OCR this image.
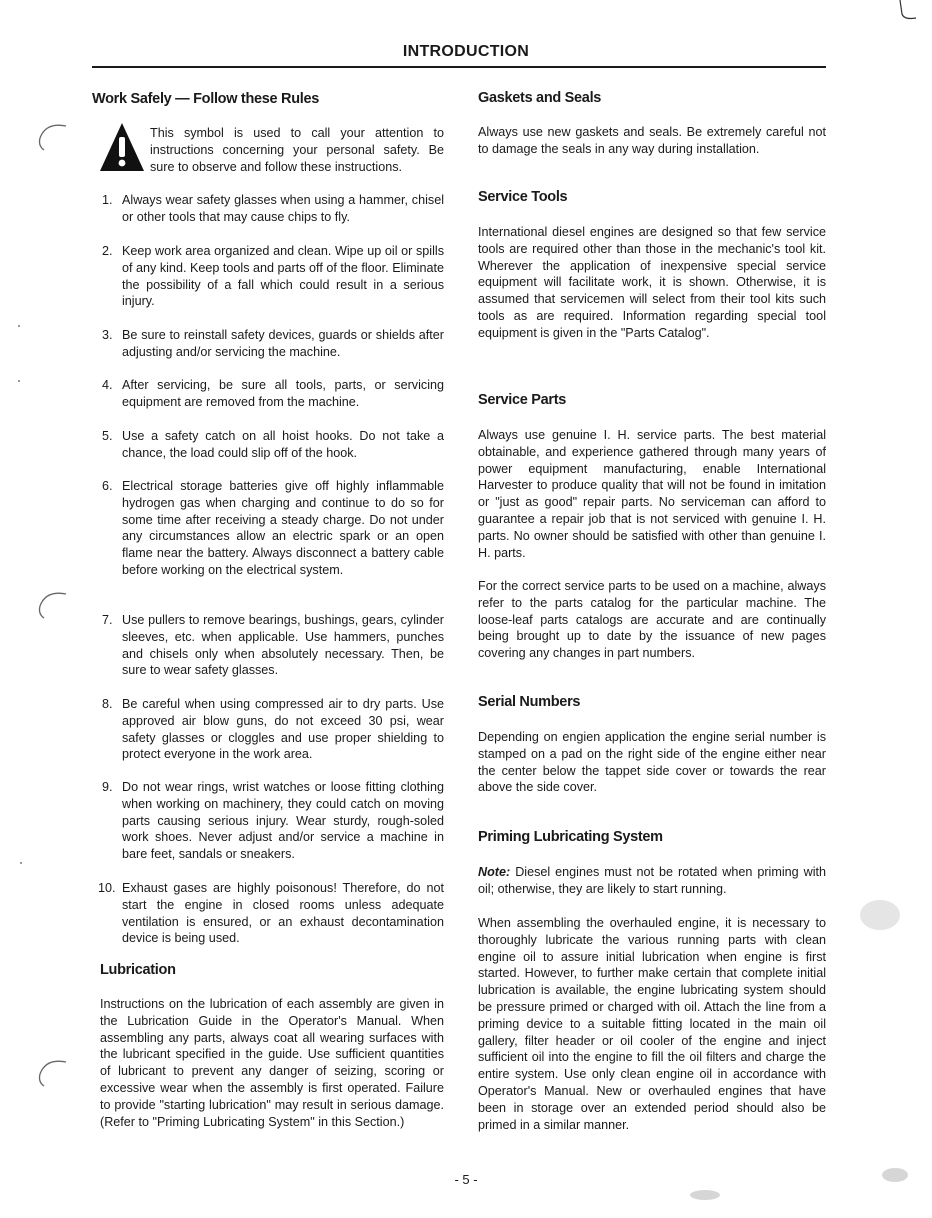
INTRODUCTION
Work Safely — Follow these Rules
This symbol is used to call your attention to instructions concerning your personal safety. Be sure to observe and follow these instructions.
1. Always wear safety glasses when using a hammer, chisel or other tools that may cause chips to fly.
2. Keep work area organized and clean. Wipe up oil or spills of any kind. Keep tools and parts off of the floor. Eliminate the possibility of a fall which could result in a serious injury.
3. Be sure to reinstall safety devices, guards or shields after adjusting and/or servicing the machine.
4. After servicing, be sure all tools, parts, or servicing equipment are removed from the machine.
5. Use a safety catch on all hoist hooks. Do not take a chance, the load could slip off of the hook.
6. Electrical storage batteries give off highly inflammable hydrogen gas when charging and continue to do so for some time after receiving a steady charge. Do not under any circumstances allow an electric spark or an open flame near the battery. Always disconnect a battery cable before working on the electrical system.
7. Use pullers to remove bearings, bushings, gears, cylinder sleeves, etc. when applicable. Use hammers, punches and chisels only when absolutely necessary. Then, be sure to wear safety glasses.
8. Be careful when using compressed air to dry parts. Use approved air blow guns, do not exceed 30 psi, wear safety glasses or cloggles and use proper shielding to protect everyone in the work area.
9. Do not wear rings, wrist watches or loose fitting clothing when working on machinery, they could catch on moving parts causing serious injury. Wear sturdy, rough-soled work shoes. Never adjust and/or service a machine in bare feet, sandals or sneakers.
10. Exhaust gases are highly poisonous! Therefore, do not start the engine in closed rooms unless adequate ventilation is ensured, or an exhaust decontamination device is being used.
Lubrication
Instructions on the lubrication of each assembly are given in the Lubrication Guide in the Operator's Manual. When assembling any parts, always coat all wearing surfaces with the lubricant specified in the guide. Use sufficient quantities of lubricant to prevent any danger of seizing, scoring or excessive wear when the assembly is first operated. Failure to provide "starting lubrication" may result in serious damage. (Refer to "Priming Lubricating System" in this Section.)
Gaskets and Seals
Always use new gaskets and seals. Be extremely careful not to damage the seals in any way during installation.
Service Tools
International diesel engines are designed so that few service tools are required other than those in the mechanic's tool kit. Wherever the application of inexpensive special service equipment will facilitate work, it is shown. Otherwise, it is assumed that servicemen will select from their tool kits such tools as are required. Information regarding special tool equipment is given in the "Parts Catalog".
Service Parts
Always use genuine I. H. service parts. The best material obtainable, and experience gathered through many years of power equipment manufacturing, enable International Harvester to produce quality that will not be found in imitation or "just as good" repair parts. No serviceman can afford to guarantee a repair job that is not serviced with genuine I. H. parts. No owner should be satisfied with other than genuine I. H. parts.
For the correct service parts to be used on a machine, always refer to the parts catalog for the particular machine. The loose-leaf parts catalogs are accurate and are continually being brought up to date by the issuance of new pages covering any changes in part numbers.
Serial Numbers
Depending on engien application the engine serial number is stamped on a pad on the right side of the engine either near the center below the tappet side cover or towards the rear above the side cover.
Priming Lubricating System
Note: Diesel engines must not be rotated when priming with oil; otherwise, they are likely to start running.
When assembling the overhauled engine, it is necessary to thoroughly lubricate the various running parts with clean engine oil to assure initial lubrication when engine is first started. However, to further make certain that complete initial lubrication is available, the engine lubricating system should be pressure primed or charged with oil. Attach the line from a priming device to a suitable fitting located in the main oil gallery, filter header or oil cooler of the engine and inject sufficient oil into the engine to fill the oil filters and charge the entire system. Use only clean engine oil in accordance with Operator's Manual. New or overhauled engines that have been in storage over an extended period should also be primed in a similar manner.
- 5 -
